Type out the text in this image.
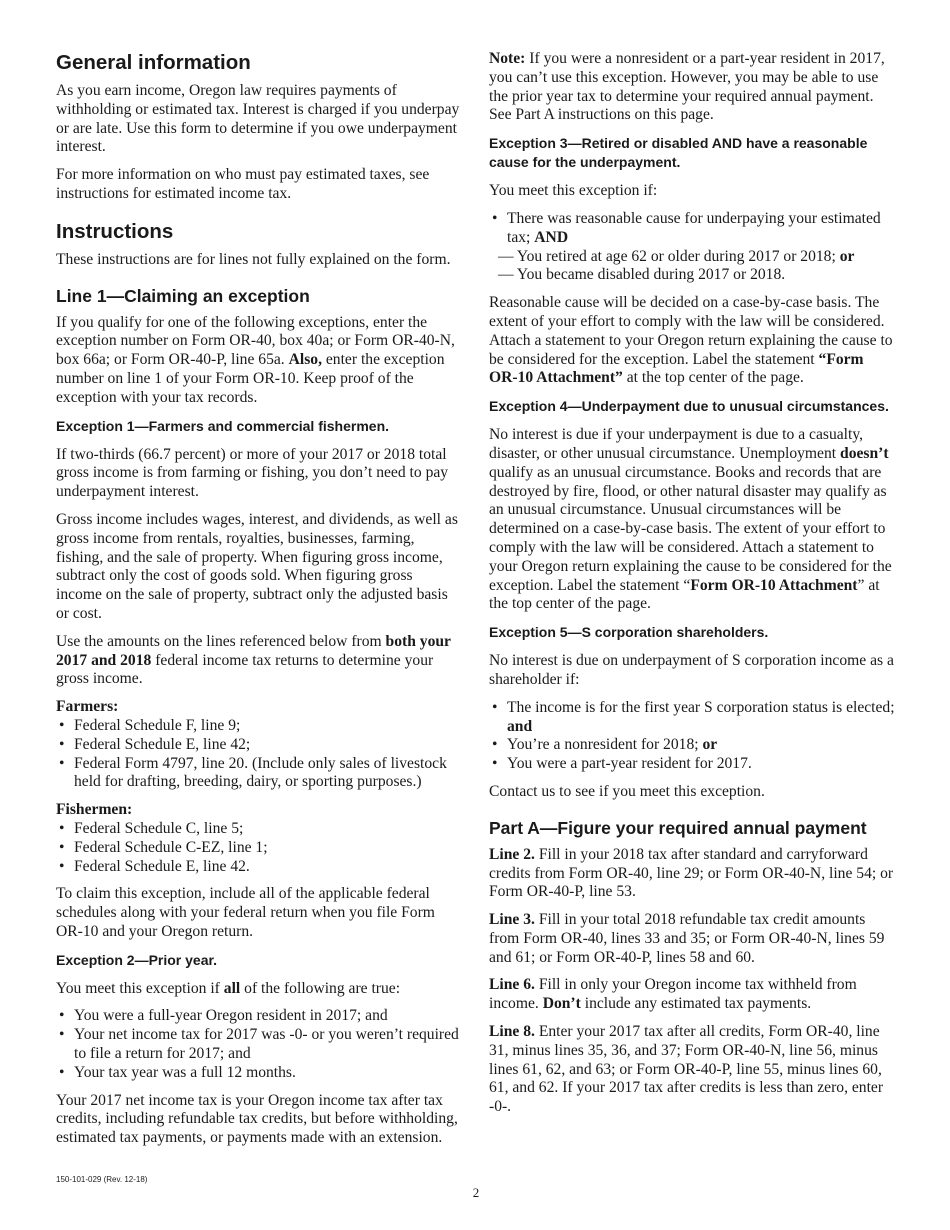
General information

As you earn income, Oregon law requires payments of withholding or estimated tax. Interest is charged if you underpay or are late. Use this form to determine if you owe underpayment interest.

For more information on who must pay estimated taxes, see instructions for estimated income tax.

Instructions

These instructions are for lines not fully explained on the form.

Line 1—Claiming an exception

If you qualify for one of the following exceptions, enter the exception number on Form OR-40, box 40a; or Form OR-40-N, box 66a; or Form OR-40-P, line 65a. Also, enter the exception number on line 1 of your Form OR-10. Keep proof of the exception with your tax records.

Exception 1—Farmers and commercial fishermen.

If two-thirds (66.7 percent) or more of your 2017 or 2018 total gross income is from farming or fishing, you don’t need to pay underpayment interest.

Gross income includes wages, interest, and dividends, as well as gross income from rentals, royalties, businesses, farming, fishing, and the sale of property. When figuring gross income, subtract only the cost of goods sold. When figuring gross income on the sale of property, subtract only the adjusted basis or cost.

Use the amounts on the lines referenced below from both your 2017 and 2018 federal income tax returns to determine your gross income.

Farmers:
• Federal Schedule F, line 9;
• Federal Schedule E, line 42;
• Federal Form 4797, line 20. (Include only sales of livestock held for drafting, breeding, dairy, or sporting purposes.)
Fishermen:
• Federal Schedule C, line 5;
• Federal Schedule C-EZ, line 1;
• Federal Schedule E, line 42.

To claim this exception, include all of the applicable federal schedules along with your federal return when you file Form OR-10 and your Oregon return.

Exception 2—Prior year.

You meet this exception if all of the following are true:

• You were a full-year Oregon resident in 2017; and
• Your net income tax for 2017 was -0- or you weren’t required to file a return for 2017; and
• Your tax year was a full 12 months.

Your 2017 net income tax is your Oregon income tax after tax credits, including refundable tax credits, but before withholding, estimated tax payments, or payments made with an extension.

Note: If you were a nonresident or a part-year resident in 2017, you can’t use this exception. However, you may be able to use the prior year tax to determine your required annual payment. See Part A instructions on this page.

Exception 3—Retired or disabled AND have a reasonable cause for the underpayment.

You meet this exception if:

• There was reasonable cause for underpaying your estimated tax; AND
— You retired at age 62 or older during 2017 or 2018; or
— You became disabled during 2017 or 2018.

Reasonable cause will be decided on a case-by-case basis. The extent of your effort to comply with the law will be considered. Attach a statement to your Oregon return explaining the cause to be considered for the exception. Label the statement “Form OR-10 Attachment” at the top center of the page.

Exception 4—Underpayment due to unusual circumstances.

No interest is due if your underpayment is due to a casualty, disaster, or other unusual circumstance. Unemployment doesn’t qualify as an unusual circumstance. Books and records that are destroyed by fire, flood, or other natural disaster may qualify as an unusual circumstance. Unusual circumstances will be determined on a case-by-case basis. The extent of your effort to comply with the law will be considered. Attach a statement to your Oregon return explaining the cause to be considered for the exception. Label the statement “Form OR-10 Attachment” at the top center of the page.

Exception 5—S corporation shareholders.

No interest is due on underpayment of S corporation income as a shareholder if:

• The income is for the first year S corporation status is elected; and
• You’re a nonresident for 2018; or
• You were a part-year resident for 2017.

Contact us to see if you meet this exception.

Part A—Figure your required annual payment

Line 2. Fill in your 2018 tax after standard and carryforward credits from Form OR-40, line 29; or Form OR-40-N, line 54; or Form OR-40-P, line 53.

Line 3. Fill in your total 2018 refundable tax credit amounts from Form OR-40, lines 33 and 35; or Form OR-40-N, lines 59 and 61; or Form OR-40-P, lines 58 and 60.

Line 6. Fill in only your Oregon income tax withheld from income. Don’t include any estimated tax payments.

Line 8. Enter your 2017 tax after all credits, Form OR-40, line 31, minus lines 35, 36, and 37; Form OR-40-N, line 56, minus lines 61, 62, and 63; or Form OR-40-P, line 55, minus lines 60, 61, and 62. If your 2017 tax after credits is less than zero, enter -0-.

150-101-029 (Rev. 12-18)
2
